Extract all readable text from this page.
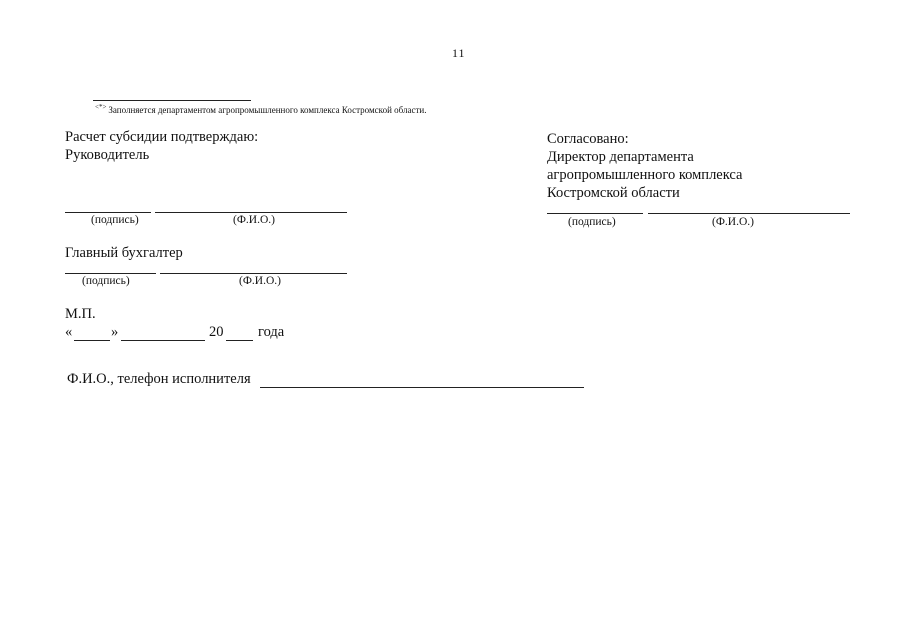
11
<*> Заполняется департаментом агропромышленного комплекса Костромской области.
Расчет субсидии подтверждаю:
Руководитель
(подпись)	(Ф.И.О.)
Главный бухгалтер
(подпись)	(Ф.И.О.)
М.П.
«	»	20 года
Ф.И.О., телефон исполнителя
Согласовано:
Директор департамента
агропромышленного комплекса
Костромской области
(подпись)	(Ф.И.О.)
